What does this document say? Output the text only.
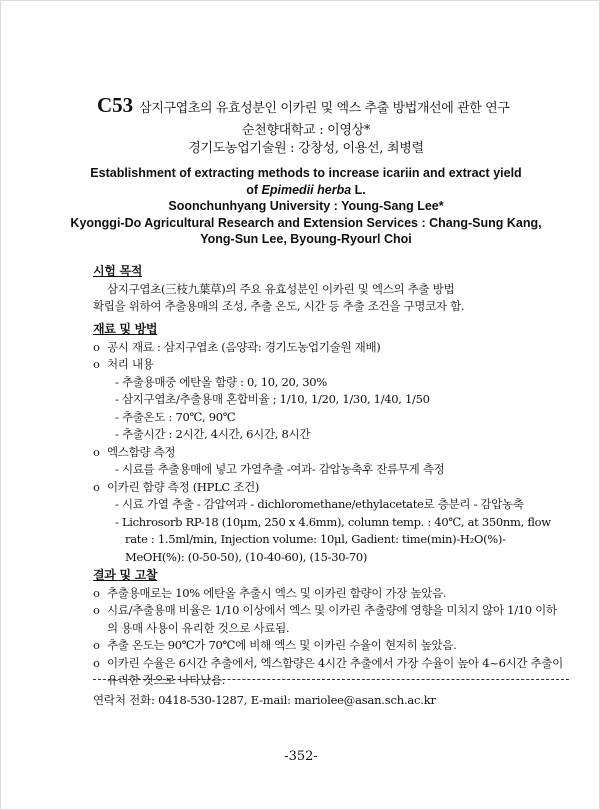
C53 삼지구엽초의 유효성분인 이카린 및 엑스 추출 방법개선에 관한 연구
순천향대학교 : 이영상*
경기도농업기술원 : 강창성, 이용선, 최병렬
Establishment of extracting methods to increase icariin and extract yield
of Epimedii herba L.
Soonchunhyang University : Young-Sang Lee*
Kyonggi-Do Agricultural Research and Extension Services : Chang-Sung Kang,
Yong-Sun Lee, Byoung-Ryourl Choi
시험 목적
삼지구엽초(三枝九葉草)의 주요 유효성분인 이카린 및 엑스의 추출 방법
확립을 위하여 추출용매의 조성, 추출 온도, 시간 등 추출 조건을 구명코자 함.
재료 및 방법
o 공시 재료 : 삼지구엽초 (음양곽: 경기도농업기술원 재배)
o 처리 내용
- 추출용매중 에탄올 함량 : 0, 10, 20, 30%
- 삼지구엽초/추출용매 혼합비율 ; 1/10, 1/20, 1/30, 1/40, 1/50
- 추출온도 : 70℃, 90℃
- 추출시간 : 2시간, 4시간, 6시간, 8시간
o 엑스함량 측정
- 시료를 추출용매에 넣고 가열추출 -여과- 감압농축후 잔류무게 측정
o 이카린 함량 측정 (HPLC 조건)
- 시료 가열 추출 - 감압여과 - dichloromethane/ethylacetate로 층분리 - 감압농축
- Lichrosorb RP-18 (10μm, 250 x 4.6mm), column temp. : 40℃, at 350nm, flow rate : 1.5ml/min, Injection volume: 10μl, Gadient: time(min)-H₂O(%)-MeOH(%): (0-50-50), (10-40-60), (15-30-70)
결과 및 고찰
o 추출용매로는 10% 에탄올 추출시 엑스 및 이카린 함량이 가장 높았음.
o 시료/추출용매 비율은 1/10 이상에서 엑스 및 이카린 추출량에 영향을 미치지 않아 1/10 이하의 용매 사용이 유리한 것으로 사료됨.
o 추출 온도는 90℃가 70℃에 비해 엑스 및 이카린 수율이 현저히 높았음.
o 이카린 수율은 6시간 추출에서, 엑스함량은 4시간 추출에서 가장 수율이 높아 4~6시간 추출이 유리한 것으로 나타났음.
연락처 전화: 0418-530-1287, E-mail: mariolee@asan.sch.ac.kr
-352-
